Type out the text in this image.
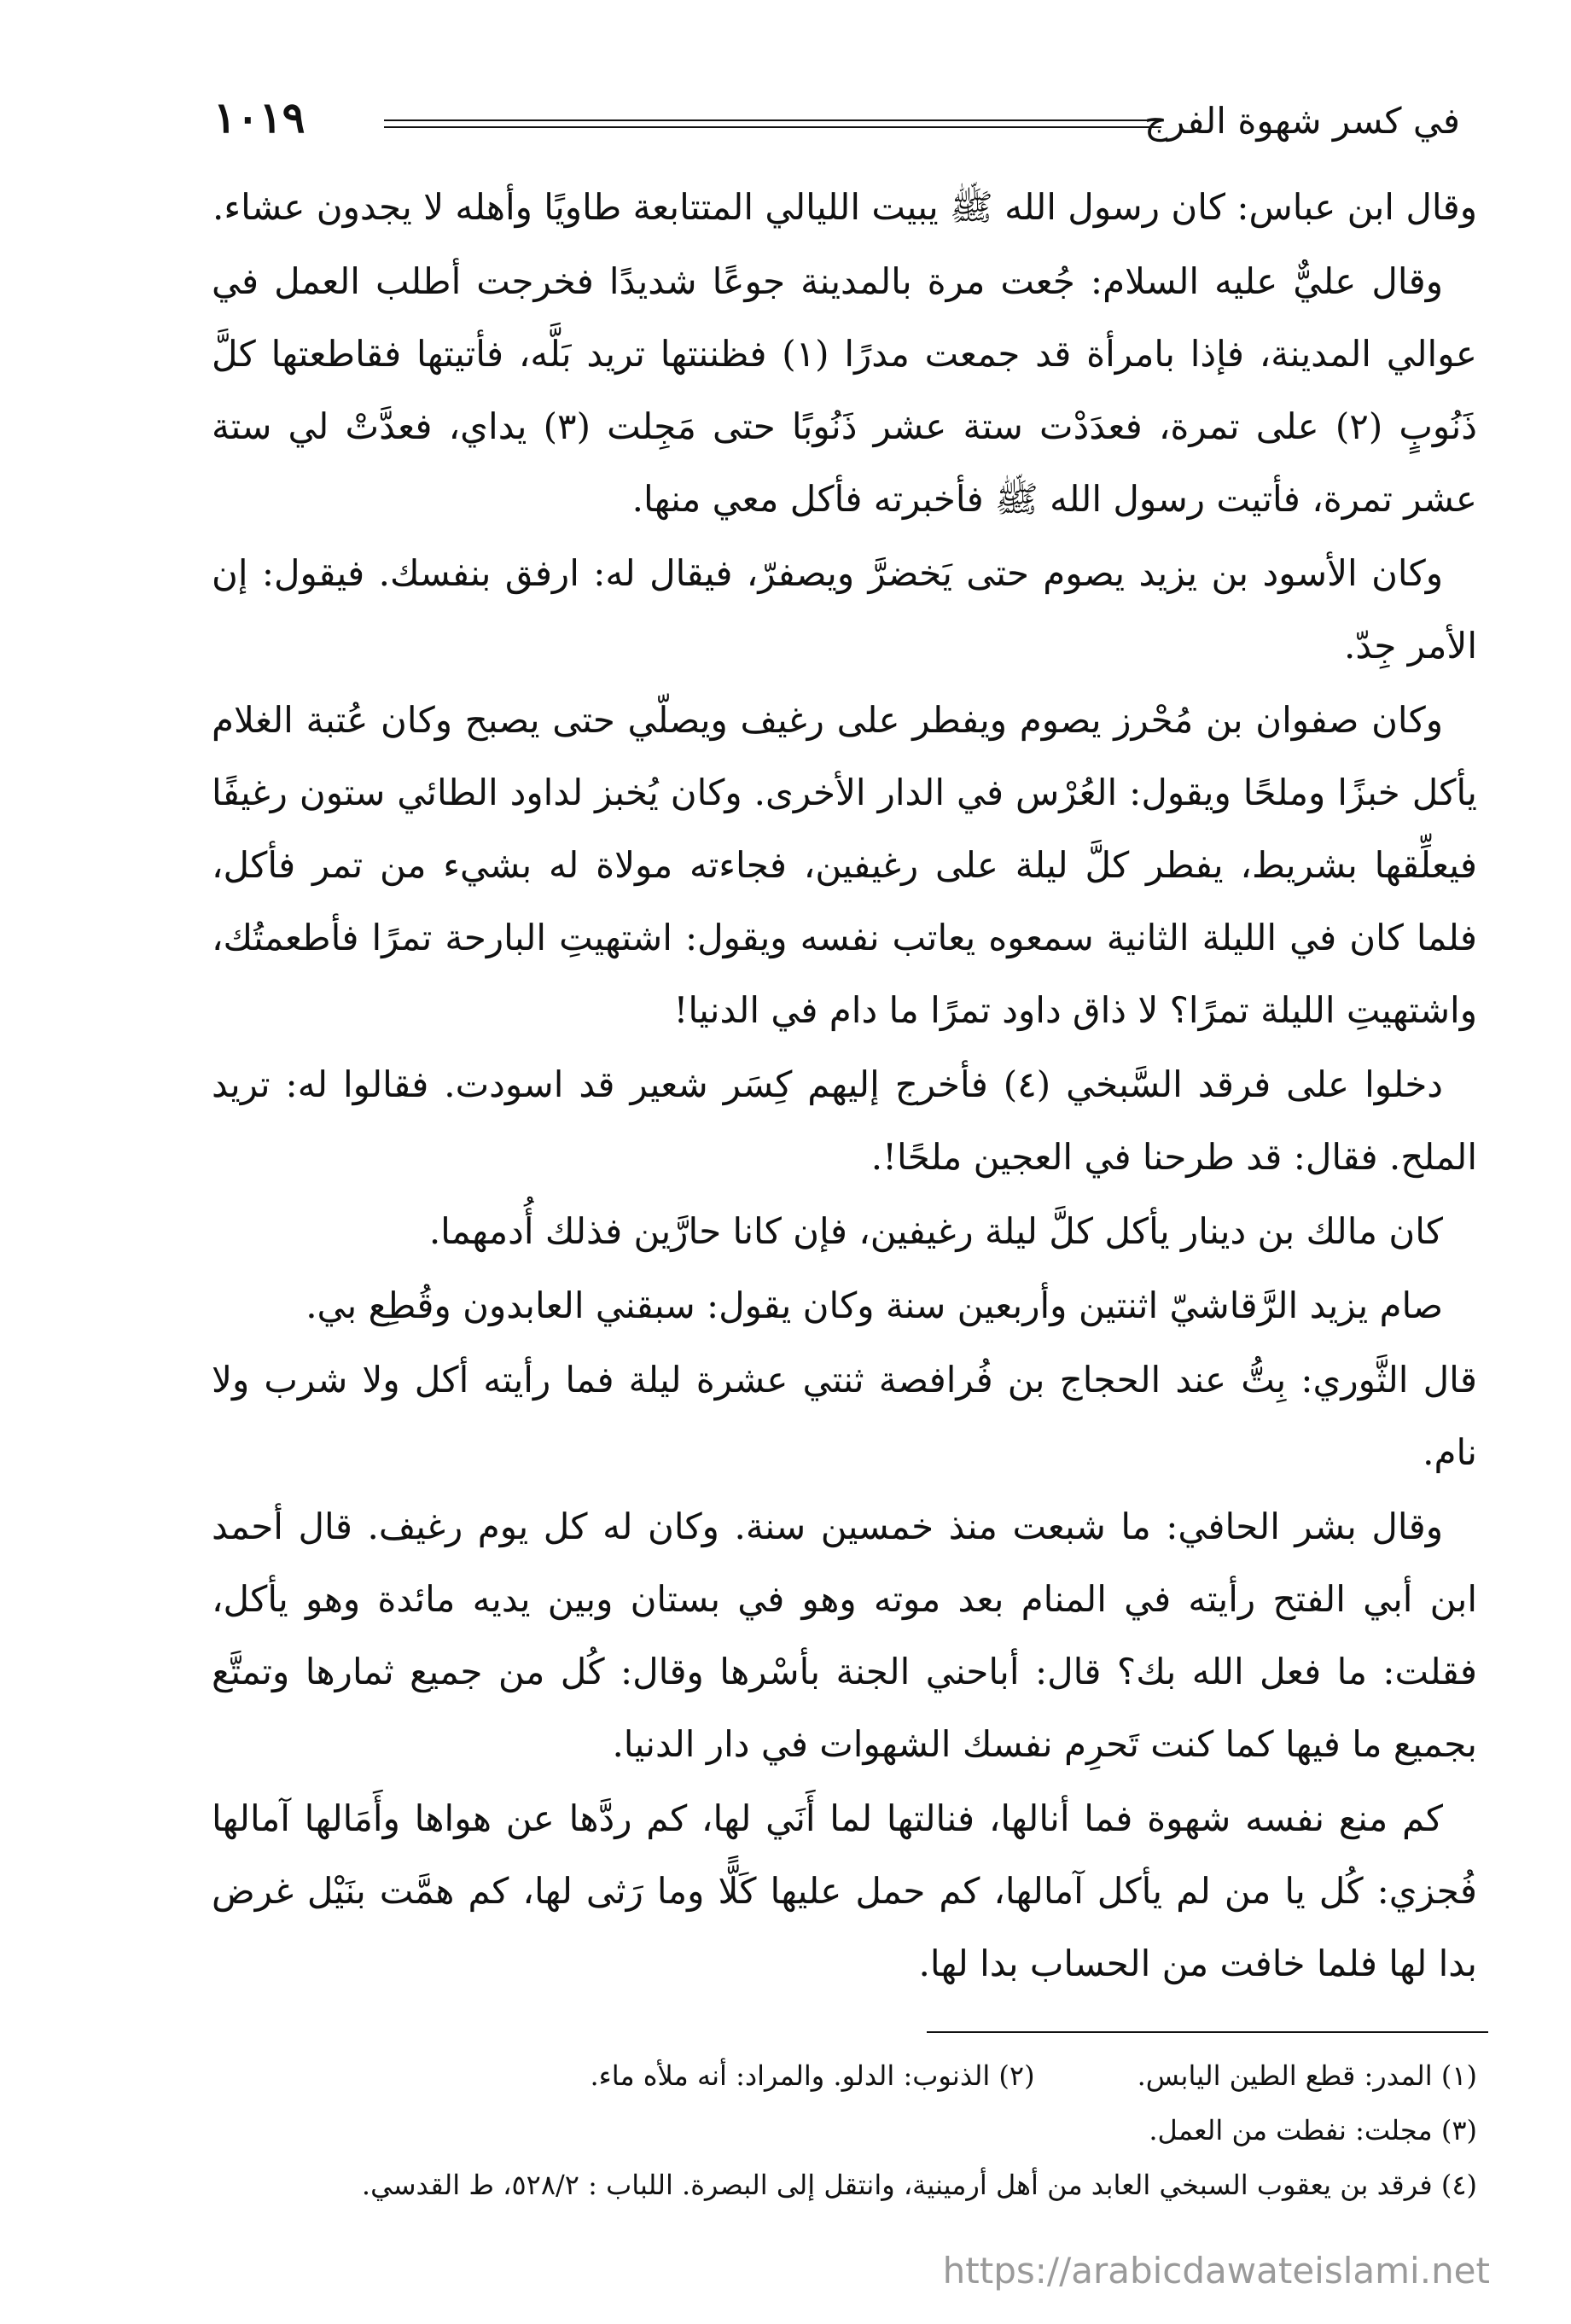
في كسر شهوة الفرج
١٠١٩

وقال ابن عباس: كان رسول الله ﷺ يبيت الليالي المتتابعة طاويًا وأهله لا يجدون عشاء.

وقال عليٌّ عليه السلام: جُعت مرة بالمدينة جوعًا شديدًا فخرجت أطلب العمل في عوالي المدينة، فإذا بامرأة قد جمعت مدرًا (١) فظننتها تريد بَلَّه، فأتيتها فقاطعتها كلَّ ذَنُوبٍ (٢) على تمرة، فعدَدْت ستة عشر ذَنُوبًا حتى مَجِلت (٣) يداي، فعدَّتْ لي ستة عشر تمرة، فأتيت رسول الله ﷺ فأخبرته فأكل معي منها.

وكان الأسود بن يزيد يصوم حتى يَخضرَّ ويصفرّ، فيقال له: ارفق بنفسك. فيقول: إن الأمر جِدّ.

وكان صفوان بن مُحْرز يصوم ويفطر على رغيف ويصلّي حتى يصبح وكان عُتبة الغلام يأكل خبزًا وملحًا ويقول: العُرْس في الدار الأخرى. وكان يُخبز لداود الطائي ستون رغيفًا فيعلِّقها بشريط، يفطر كلَّ ليلة على رغيفين، فجاءته مولاة له بشيء من تمر فأكل، فلما كان في الليلة الثانية سمعوه يعاتب نفسه ويقول: اشتهيتِ البارحة تمرًا فأطعمتُك، واشتهيتِ الليلة تمرًا؟ لا ذاق داود تمرًا ما دام في الدنيا!

دخلوا على فرقد السَّبخي (٤) فأخرج إليهم كِسَر شعير قد اسودت. فقالوا له: تريد الملح. فقال: قد طرحنا في العجين ملحًا!.

كان مالك بن دينار يأكل كلَّ ليلة رغيفين، فإن كانا حارَّين فذلك أُدمهما.

صام يزيد الرَّقاشيّ اثنتين وأربعين سنة وكان يقول: سبقني العابدون وقُطِع بي.

قال الثَّوري: بِتُّ عند الحجاج بن فُرافصة ثنتي عشرة ليلة فما رأيته أكل ولا شرب ولا نام.

وقال بشر الحافي: ما شبعت منذ خمسين سنة. وكان له كل يوم رغيف. قال أحمد ابن أبي الفتح رأيته في المنام بعد موته وهو في بستان وبين يديه مائدة وهو يأكل، فقلت: ما فعل الله بك؟ قال: أباحني الجنة بأسْرها وقال: كُل من جميع ثمارها وتمتَّع بجميع ما فيها كما كنت تَحرِم نفسك الشهوات في دار الدنيا.

كم منع نفسه شهوة فما أنالها، فنالتها لما أَنَي لها، كم ردَّها عن هواها وأَمَالها آمالها فُجزي: كُل يا من لم يأكل آمالها، كم حمل عليها كَلًّا وما رَثى لها، كم همَّت بنَيْل غرض بدا لها فلما خافت من الحساب بدا لها.

(١) المدر: قطع الطين اليابس.
(٢) الذنوب: الدلو. والمراد: أنه ملأه ماء.
(٣) مجلت: نفطت من العمل.
(٤) فرقد بن يعقوب السبخي العابد من أهل أرمينية، وانتقل إلى البصرة. اللباب : ٥٢٨/٢، ط القدسي.
https://arabicdawateislami.net
